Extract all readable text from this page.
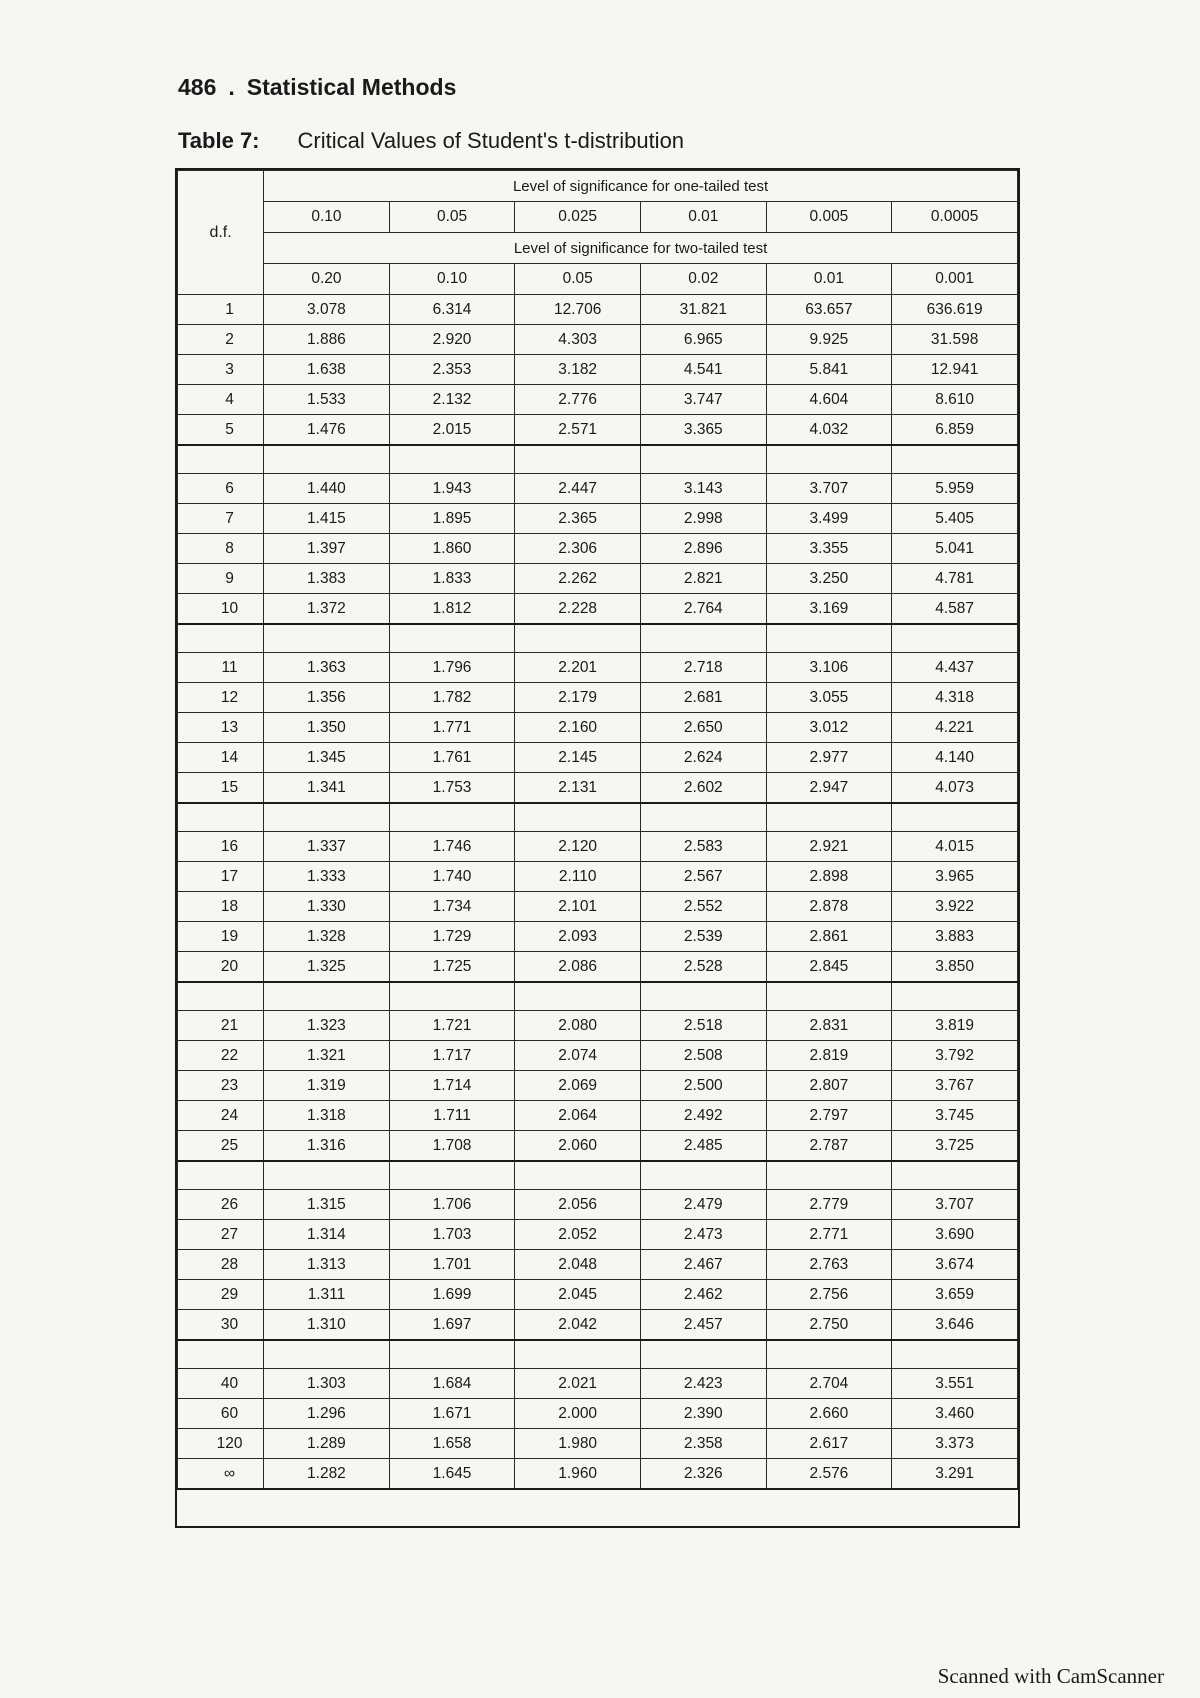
486 . Statistical Methods
Table 7: Critical Values of Student's t-distribution
d.f.	Level of significance for one-tailed test					
	0.10	0.05	0.025	0.01	0.005	0.0005
	Level of significance for two-tailed test					
	0.20	0.10	0.05	0.02	0.01	0.001
1	3.078	6.314	12.706	31.821	63.657	636.619
2	1.886	2.920	4.303	6.965	9.925	31.598
3	1.638	2.353	3.182	4.541	5.841	12.941
4	1.533	2.132	2.776	3.747	4.604	8.610
5	1.476	2.015	2.571	3.365	4.032	6.859

6	1.440	1.943	2.447	3.143	3.707	5.959
7	1.415	1.895	2.365	2.998	3.499	5.405
8	1.397	1.860	2.306	2.896	3.355	5.041
9	1.383	1.833	2.262	2.821	3.250	4.781
10	1.372	1.812	2.228	2.764	3.169	4.587

11	1.363	1.796	2.201	2.718	3.106	4.437
12	1.356	1.782	2.179	2.681	3.055	4.318
13	1.350	1.771	2.160	2.650	3.012	4.221
14	1.345	1.761	2.145	2.624	2.977	4.140
15	1.341	1.753	2.131	2.602	2.947	4.073

16	1.337	1.746	2.120	2.583	2.921	4.015
17	1.333	1.740	2.110	2.567	2.898	3.965
18	1.330	1.734	2.101	2.552	2.878	3.922
19	1.328	1.729	2.093	2.539	2.861	3.883
20	1.325	1.725	2.086	2.528	2.845	3.850

21	1.323	1.721	2.080	2.518	2.831	3.819
22	1.321	1.717	2.074	2.508	2.819	3.792
23	1.319	1.714	2.069	2.500	2.807	3.767
24	1.318	1.711	2.064	2.492	2.797	3.745
25	1.316	1.708	2.060	2.485	2.787	3.725

26	1.315	1.706	2.056	2.479	2.779	3.707
27	1.314	1.703	2.052	2.473	2.771	3.690
28	1.313	1.701	2.048	2.467	2.763	3.674
29	1.311	1.699	2.045	2.462	2.756	3.659
30	1.310	1.697	2.042	2.457	2.750	3.646

40	1.303	1.684	2.021	2.423	2.704	3.551
60	1.296	1.671	2.000	2.390	2.660	3.460
120	1.289	1.658	1.980	2.358	2.617	3.373
∞	1.282	1.645	1.960	2.326	2.576	3.291
Scanned with CamScanner
